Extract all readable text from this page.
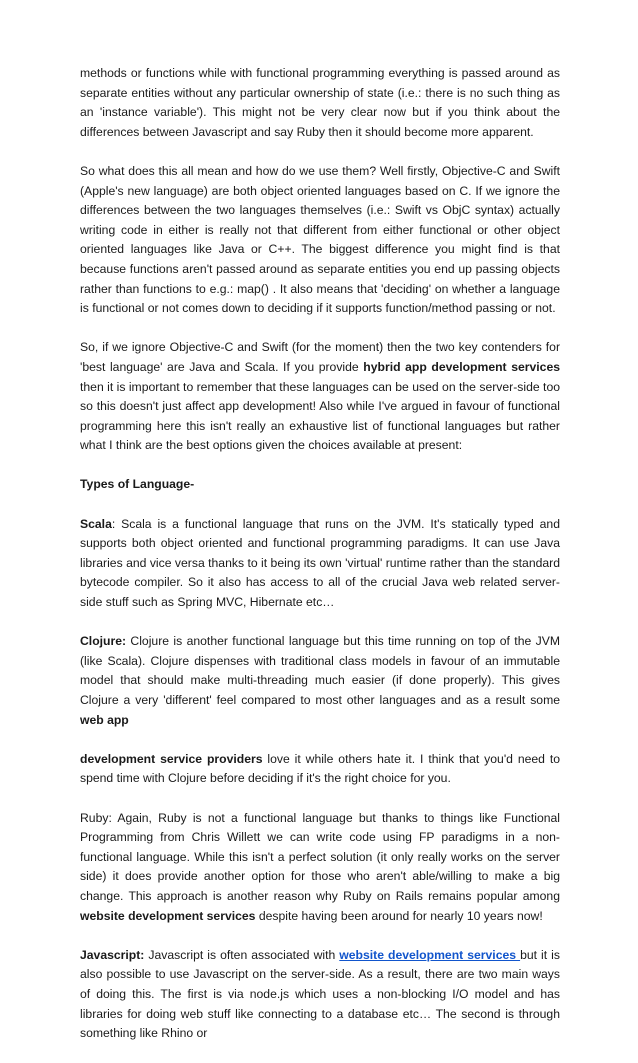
methods or functions while with functional programming everything is passed around as separate entities without any particular ownership of state (i.e.: there is no such thing as an 'instance variable'). This might not be very clear now but if you think about the differences between Javascript and say Ruby then it should become more apparent.

So what does this all mean and how do we use them? Well firstly, Objective-C and Swift (Apple's new language) are both object oriented languages based on C. If we ignore the differences between the two languages themselves (i.e.: Swift vs ObjC syntax) actually writing code in either is really not that different from either functional or other object oriented languages like Java or C++. The biggest difference you might find is that because functions aren't passed around as separate entities you end up passing objects rather than functions to e.g.: map() . It also means that 'deciding' on whether a language is functional or not comes down to deciding if it supports function/method passing or not.

So, if we ignore Objective-C and Swift (for the moment) then the two key contenders for 'best language' are Java and Scala. If you provide hybrid app development services then it is important to remember that these languages can be used on the server-side too so this doesn't just affect app development! Also while I've argued in favour of functional programming here this isn't really an exhaustive list of functional languages but rather what I think are the best options given the choices available at present:

Types of Language-

Scala: Scala is a functional language that runs on the JVM. It's statically typed and supports both object oriented and functional programming paradigms. It can use Java libraries and vice versa thanks to it being its own 'virtual' runtime rather than the standard bytecode compiler. So it also has access to all of the crucial Java web related server-side stuff such as Spring MVC, Hibernate etc…

Clojure: Clojure is another functional language but this time running on top of the JVM (like Scala). Clojure dispenses with traditional class models in favour of an immutable model that should make multi-threading much easier (if done properly). This gives Clojure a very 'different' feel compared to most other languages and as a result some web app

development service providers love it while others hate it. I think that you'd need to spend time with Clojure before deciding if it's the right choice for you.

Ruby: Again, Ruby is not a functional language but thanks to things like Functional Programming from Chris Willett we can write code using FP paradigms in a non-functional language. While this isn't a perfect solution (it only really works on the server side) it does provide another option for those who aren't able/willing to make a big change. This approach is another reason why Ruby on Rails remains popular among website development services despite having been around for nearly 10 years now!

Javascript: Javascript is often associated with website development services but it is also possible to use Javascript on the server-side. As a result, there are two main ways of doing this. The first is via node.js which uses a non-blocking I/O model and has libraries for doing web stuff like connecting to a database etc… The second is through something like Rhino or
